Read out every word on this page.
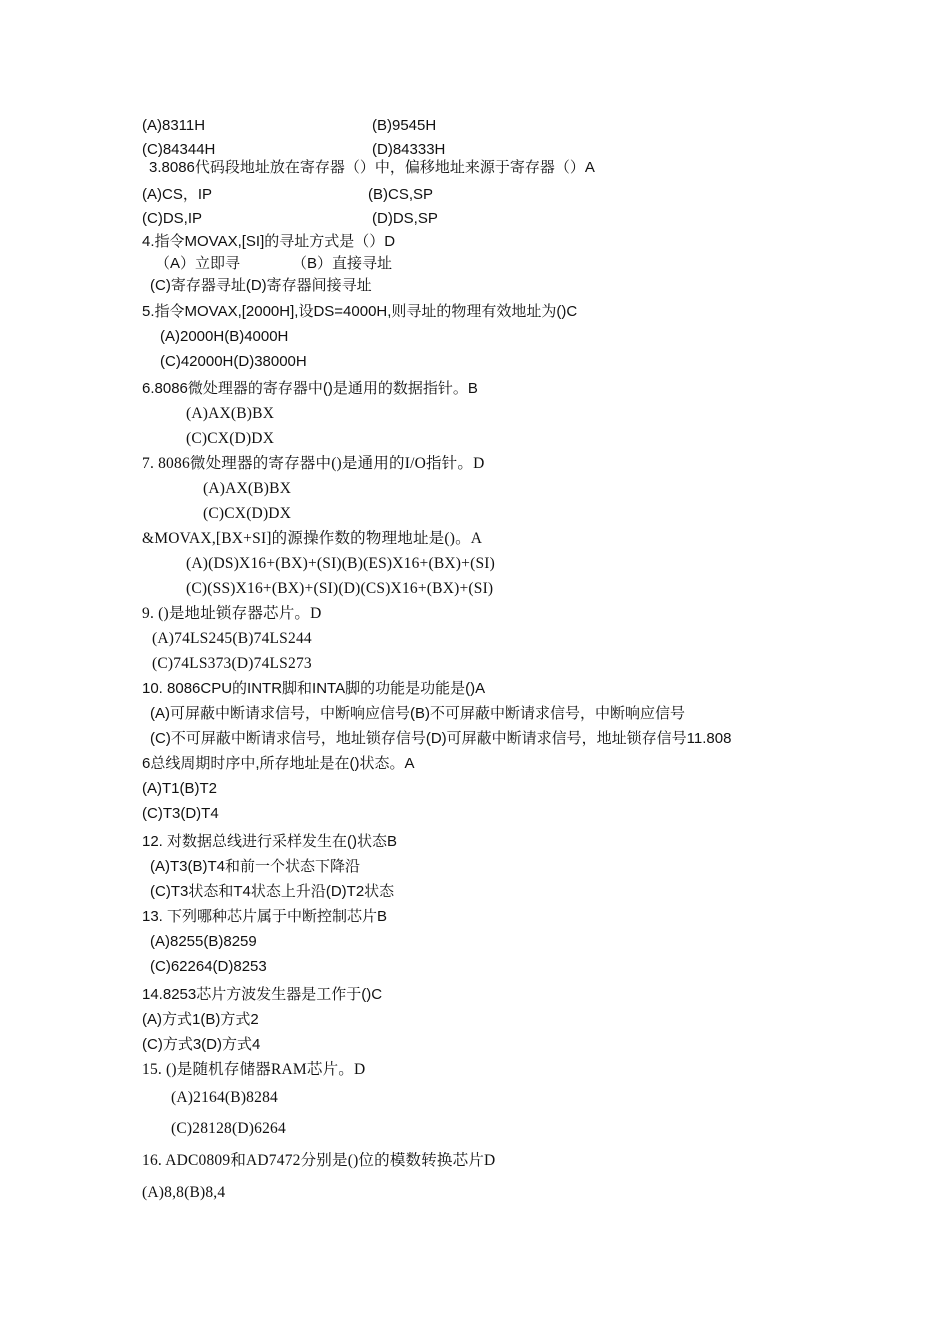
(A)8311H	(B)9545H
(C)84344H	(D)84333H
3.8086代码段地址放在寄存器（）中，偏移地址来源于寄存器（）A
(A)CS，IP	(B)CS,SP
(C)DS,IP	(D)DS,SP
4.指令MOVAX,[SI]的寻址方式是（）D
（A）立即寻	（B）直接寻址
(C)寄存器寻址(D)寄存器间接寻址
5.指令MOVAX,[2000H],设DS=4000H,则寻址的物理有效地址为()C
(A)2000H(B)4000H
(C)42000H(D)38000H
6.8086微处理器的寄存器中()是通用的数据指针。B
(A)AX(B)BX
(C)CX(D)DX
7. 8086微处理器的寄存器中()是通用的I/O指针。D
(A)AX(B)BX
(C)CX(D)DX
&MOVAX,[BX+SI]的源操作数的物理地址是()。A
(A)(DS)X16+(BX)+(SI)(B)(ES)X16+(BX)+(SI)
(C)(SS)X16+(BX)+(SI)(D)(CS)X16+(BX)+(SI)
9. ()是地址锁存器芯片。D
(A)74LS245(B)74LS244
(C)74LS373(D)74LS273
10. 8086CPU的INTR脚和INTA脚的功能是功能是()A
(A)可屏蔽中断请求信号，中断响应信号(B)不可屏蔽中断请求信号，中断响应信号
(C)不可屏蔽中断请求信号，地址锁存信号(D)可屏蔽中断请求信号，地址锁存信号11.808
6总线周期时序中,所存地址是在()状态。A
(A)T1(B)T2
(C)T3(D)T4
12. 对数据总线进行采样发生在()状态B
(A)T3(B)T4和前一个状态下降沿
(C)T3状态和T4状态上升沿(D)T2状态
13. 下列哪种芯片属于中断控制芯片B
(A)8255(B)8259
(C)62264(D)8253
14.8253芯片方波发生器是工作于()C
(A)方式1(B)方式2
(C)方式3(D)方式4
15. ()是随机存储器RAM芯片。D
(A)2164(B)8284
(C)28128(D)6264
16. ADC0809和AD7472分别是()位的模数转换芯片D
(A)8,8(B)8,4
